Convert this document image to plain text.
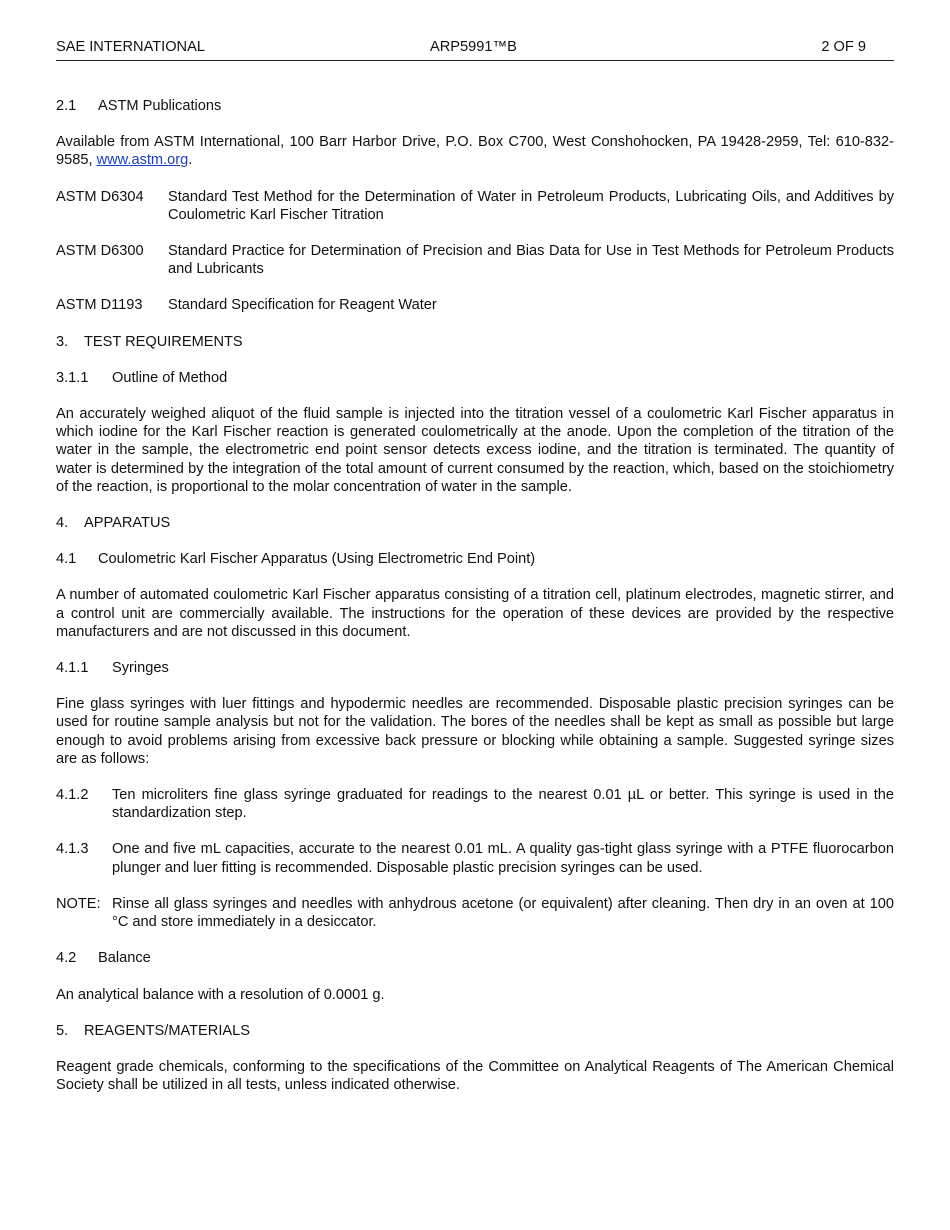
SAE INTERNATIONAL	ARP5991™B	2 OF 9
2.1 ASTM Publications

Available from ASTM International, 100 Barr Harbor Drive, P.O. Box C700, West Conshohocken, PA 19428-2959, Tel: 610-832-9585, www.astm.org.

ASTM D6304	Standard Test Method for the Determination of Water in Petroleum Products, Lubricating Oils, and Additives by Coulometric Karl Fischer Titration
ASTM D6300	Standard Practice for Determination of Precision and Bias Data for Use in Test Methods for Petroleum Products and Lubricants
ASTM D1193	Standard Specification for Reagent Water
3. TEST REQUIREMENTS
3.1.1 Outline of Method

An accurately weighed aliquot of the fluid sample is injected into the titration vessel of a coulometric Karl Fischer apparatus in which iodine for the Karl Fischer reaction is generated coulometrically at the anode. Upon the completion of the titration of the water in the sample, the electrometric end point sensor detects excess iodine, and the titration is terminated. The quantity of water is determined by the integration of the total amount of current consumed by the reaction, which, based on the stoichiometry of the reaction, is proportional to the molar concentration of water in the sample.

4. APPARATUS
4.1 Coulometric Karl Fischer Apparatus (Using Electrometric End Point)

A number of automated coulometric Karl Fischer apparatus consisting of a titration cell, platinum electrodes, magnetic stirrer, and a control unit are commercially available. The instructions for the operation of these devices are provided by the respective manufacturers and are not discussed in this document.

4.1.1 Syringes

Fine glass syringes with luer fittings and hypodermic needles are recommended. Disposable plastic precision syringes can be used for routine sample analysis but not for the validation. The bores of the needles shall be kept as small as possible but large enough to avoid problems arising from excessive back pressure or blocking while obtaining a sample. Suggested syringe sizes are as follows:

4.1.2	Ten microliters fine glass syringe graduated for readings to the nearest 0.01 µL or better. This syringe is used in the standardization step.
4.1.3	One and five mL capacities, accurate to the nearest 0.01 mL. A quality gas-tight glass syringe with a PTFE fluorocarbon plunger and luer fitting is recommended. Disposable plastic precision syringes can be used.
NOTE: Rinse all glass syringes and needles with anhydrous acetone (or equivalent) after cleaning. Then dry in an oven at 100 °C and store immediately in a desiccator.
4.2 Balance

An analytical balance with a resolution of 0.0001 g.

5. REAGENTS/MATERIALS

Reagent grade chemicals, conforming to the specifications of the Committee on Analytical Reagents of The American Chemical Society shall be utilized in all tests, unless indicated otherwise.
